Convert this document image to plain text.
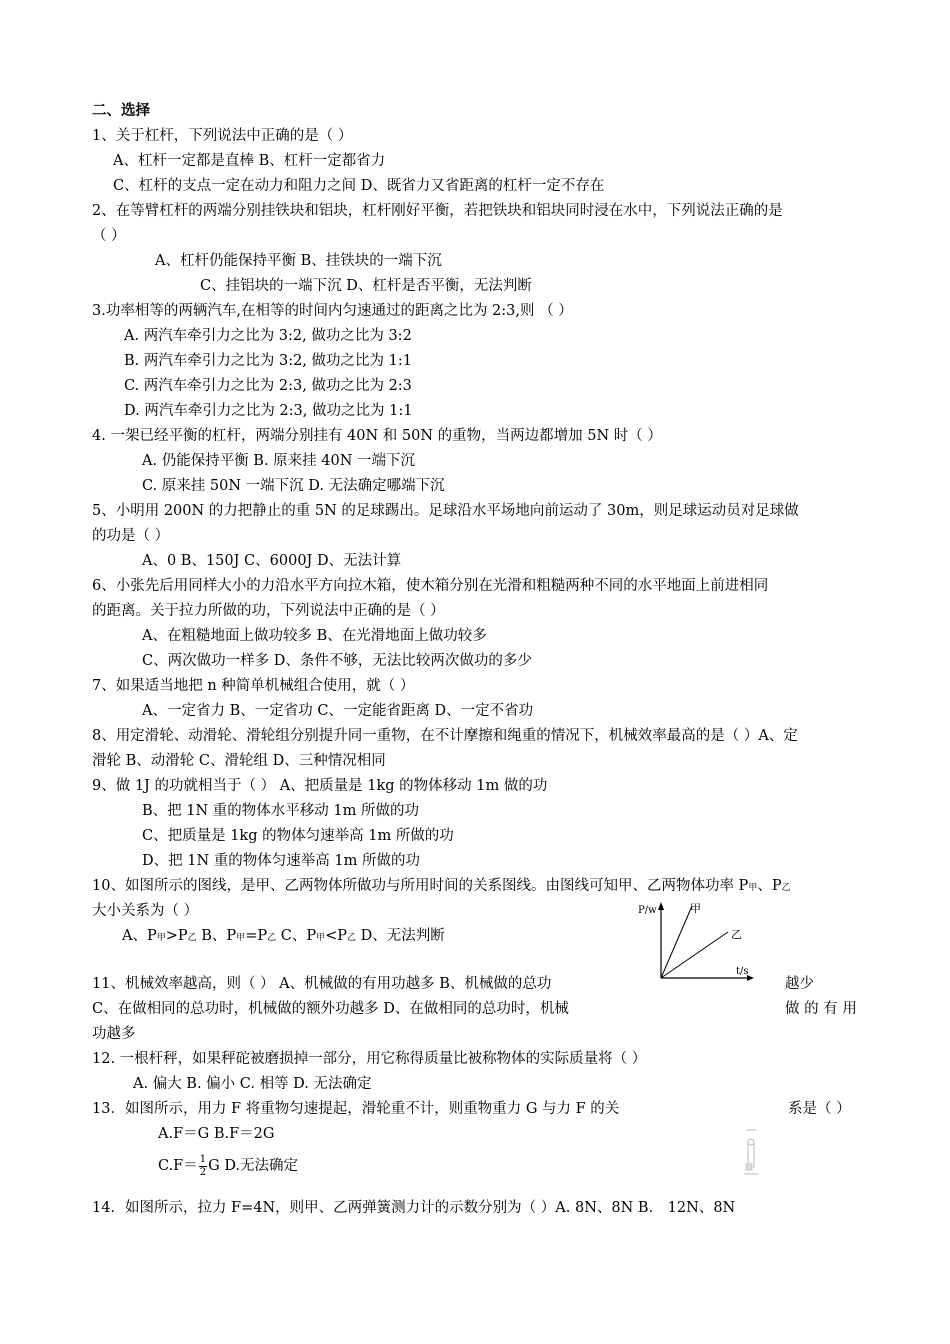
二、选择
1、关于杠杆，下列说法中正确的是（ ）
A、杠杆一定都是直棒 B、杠杆一定都省力
C、杠杆的支点一定在动力和阻力之间 D、既省力又省距离的杠杆一定不存在
2、在等臂杠杆的两端分别挂铁块和铝块，杠杆刚好平衡，若把铁块和铝块同时浸在水中，下列说法正确的是
（ ）
A、杠杆仍能保持平衡 B、挂铁块的一端下沉
C、挂铝块的一端下沉 D、杠杆是否平衡，无法判断
3.功率相等的两辆汽车,在相等的时间内匀速通过的距离之比为 2:3,则 （ ）
A. 两汽车牵引力之比为 3:2, 做功之比为 3:2
B. 两汽车牵引力之比为 3:2, 做功之比为 1:1
C. 两汽车牵引力之比为 2:3, 做功之比为 2:3
D. 两汽车牵引力之比为 2:3, 做功之比为 1:1
4. 一架已经平衡的杠杆，两端分别挂有 40N 和 50N 的重物，当两边都增加 5N 时（ ）
A. 仍能保持平衡 B. 原来挂 40N 一端下沉
C. 原来挂 50N 一端下沉 D. 无法确定哪端下沉
5、小明用 200N 的力把静止的重 5N 的足球踢出。足球沿水平场地向前运动了 30m，则足球运动员对足球做
的功是（ ）
A、0 B、150J C、6000J D、无法计算
6、小张先后用同样大小的力沿水平方向拉木箱，使木箱分别在光滑和粗糙两种不同的水平地面上前进相同
的距离。关于拉力所做的功，下列说法中正确的是（ ）
A、在粗糙地面上做功较多 B、在光滑地面上做功较多
C、两次做功一样多 D、条件不够，无法比较两次做功的多少
7、如果适当地把 n 种简单机械组合使用，就（ ）
A、一定省力 B、一定省功 C、一定能省距离 D、一定不省功
8、用定滑轮、动滑轮、滑轮组分别提升同一重物，在不计摩擦和绳重的情况下，机械效率最高的是（ ）A、定
滑轮 B、动滑轮 C、滑轮组 D、三种情况相同
9、做 1J 的功就相当于（ ） A、把质量是 1kg 的物体移动 1m 做的功
B、把 1N 重的物体水平移动 1m 所做的功
C、把质量是 1kg 的物体匀速举高 1m 所做的功
D、把 1N 重的物体匀速举高 1m 所做的功
10、如图所示的图线，是甲、乙两物体所做功与所用时间的关系图线。由图线可知甲、乙两物体功率 P甲、P乙
大小关系为（ ）
A、P甲>P乙 B、P甲=P乙 C、P甲<P乙 D、无法判断
P/w
t/s
甲
乙
11、机械效率越高，则（ ） A、机械做的有用功越多 B、机械做的总功	越少
C、在做相同的总功时，机械做的额外功越多 D、在做相同的总功时，机械	做 的 有 用
功越多
12. 一根杆秤，如果秤砣被磨损掉一部分，用它称得质量比被称物体的实际质量将（ ）
A. 偏大 B. 偏小 C. 相等 D. 无法确定
13．如图所示，用力 F 将重物匀速提起，滑轮重不计，则重物重力 G 与力 F 的关	系是（ ）
A.F＝G B.F＝2G
$C.F= \frac{1}{2}$ G D.无法确定
14．如图所示，拉力 F=4N，则甲、乙两弹簧测力计的示数分别为（ ）A. 8N、8N B． 12N、8N
